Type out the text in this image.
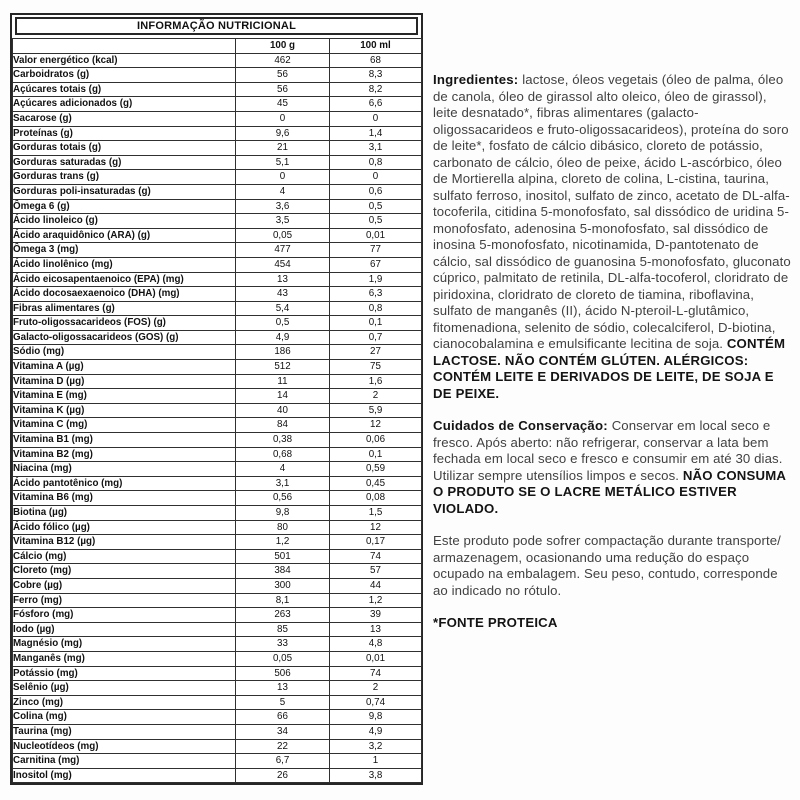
INFORMAÇÃO NUTRICIONAL
	100 g	100 ml
Valor energético (kcal)	462	68
Carboidratos (g)	56	8,3
Açúcares totais (g)	56	8,2
Açúcares adicionados (g)	45	6,6
Sacarose (g)	0	0
Proteínas (g)	9,6	1,4
Gorduras totais (g)	21	3,1
Gorduras saturadas (g)	5,1	0,8
Gorduras trans (g)	0	0
Gorduras poli-insaturadas (g)	4	0,6
Ômega 6 (g)	3,6	0,5
Ácido linoleico (g)	3,5	0,5
Ácido araquidônico (ARA) (g)	0,05	0,01
Ômega 3 (mg)	477	77
Ácido linolênico (mg)	454	67
Ácido eicosapentaenoico (EPA) (mg)	13	1,9
Ácido docosaexaenoico (DHA) (mg)	43	6,3
Fibras alimentares (g)	5,4	0,8
Fruto-oligossacarideos (FOS) (g)	0,5	0,1
Galacto-oligossacarideos (GOS) (g)	4,9	0,7
Sódio (mg)	186	27
Vitamina A (µg)	512	75
Vitamina D (µg)	11	1,6
Vitamina E (mg)	14	2
Vitamina K (µg)	40	5,9
Vitamina C (mg)	84	12
Vitamina B1 (mg)	0,38	0,06
Vitamina B2 (mg)	0,68	0,1
Niacina (mg)	4	0,59
Ácido pantotênico (mg)	3,1	0,45
Vitamina B6 (mg)	0,56	0,08
Biotina (µg)	9,8	1,5
Ácido fólico (µg)	80	12
Vitamina B12 (µg)	1,2	0,17
Cálcio (mg)	501	74
Cloreto (mg)	384	57
Cobre (µg)	300	44
Ferro (mg)	8,1	1,2
Fósforo (mg)	263	39
Iodo (µg)	85	13
Magnésio (mg)	33	4,8
Manganês (mg)	0,05	0,01
Potássio (mg)	506	74
Selênio (µg)	13	2
Zinco (mg)	5	0,74
Colina (mg)	66	9,8
Taurina (mg)	34	4,9
Nucleotídeos (mg)	22	3,2
Carnitina (mg)	6,7	1
Inositol (mg)	26	3,8

Ingredientes: lactose, óleos vegetais (óleo de palma, óleo de canola, óleo de girassol alto oleico, óleo de girassol), leite desnatado*, fibras alimentares (galacto-oligossacarideos e fruto-oligossacarideos), proteína do soro de leite*, fosfato de cálcio dibásico, cloreto de potássio, carbonato de cálcio, óleo de peixe, ácido L-ascórbico, óleo de Mortierella alpina, cloreto de colina, L-cistina, taurina, sulfato ferroso, inositol, sulfato de zinco, acetato de DL-alfa-tocoferila, citidina 5-monofosfato, sal dissódico de uridina 5-monofosfato, adenosina 5-monofosfato, sal dissódico de inosina 5-monofosfato, nicotinamida, D-pantotenato de cálcio, sal dissódico de guanosina 5-monofosfato, gluconato cúprico, palmitato de retinila, DL-alfa-tocoferol, cloridrato de piridoxina, cloridrato de cloreto de tiamina, riboflavina, sulfato de manganês (II), ácido N-pteroil-L-glutâmico, fitomenadiona, selenito de sódio, colecalciferol, D-biotina, cianocobalamina e emulsificante lecitina de soja. CONTÉM LACTOSE. NÃO CONTÉM GLÚTEN. ALÉRGICOS: CONTÉM LEITE E DERIVADOS DE LEITE, DE SOJA E DE PEIXE.

Cuidados de Conservação: Conservar em local seco e fresco. Após aberto: não refrigerar, conservar a lata bem fechada em local seco e fresco e consumir em até 30 dias. Utilizar sempre utensílios limpos e secos. NÃO CONSUMA O PRODUTO SE O LACRE METÁLICO ESTIVER VIOLADO.

Este produto pode sofrer compactação durante transporte/ armazenagem, ocasionando uma redução do espaço ocupado na embalagem. Seu peso, contudo, corresponde ao indicado no rótulo.

*FONTE PROTEICA
